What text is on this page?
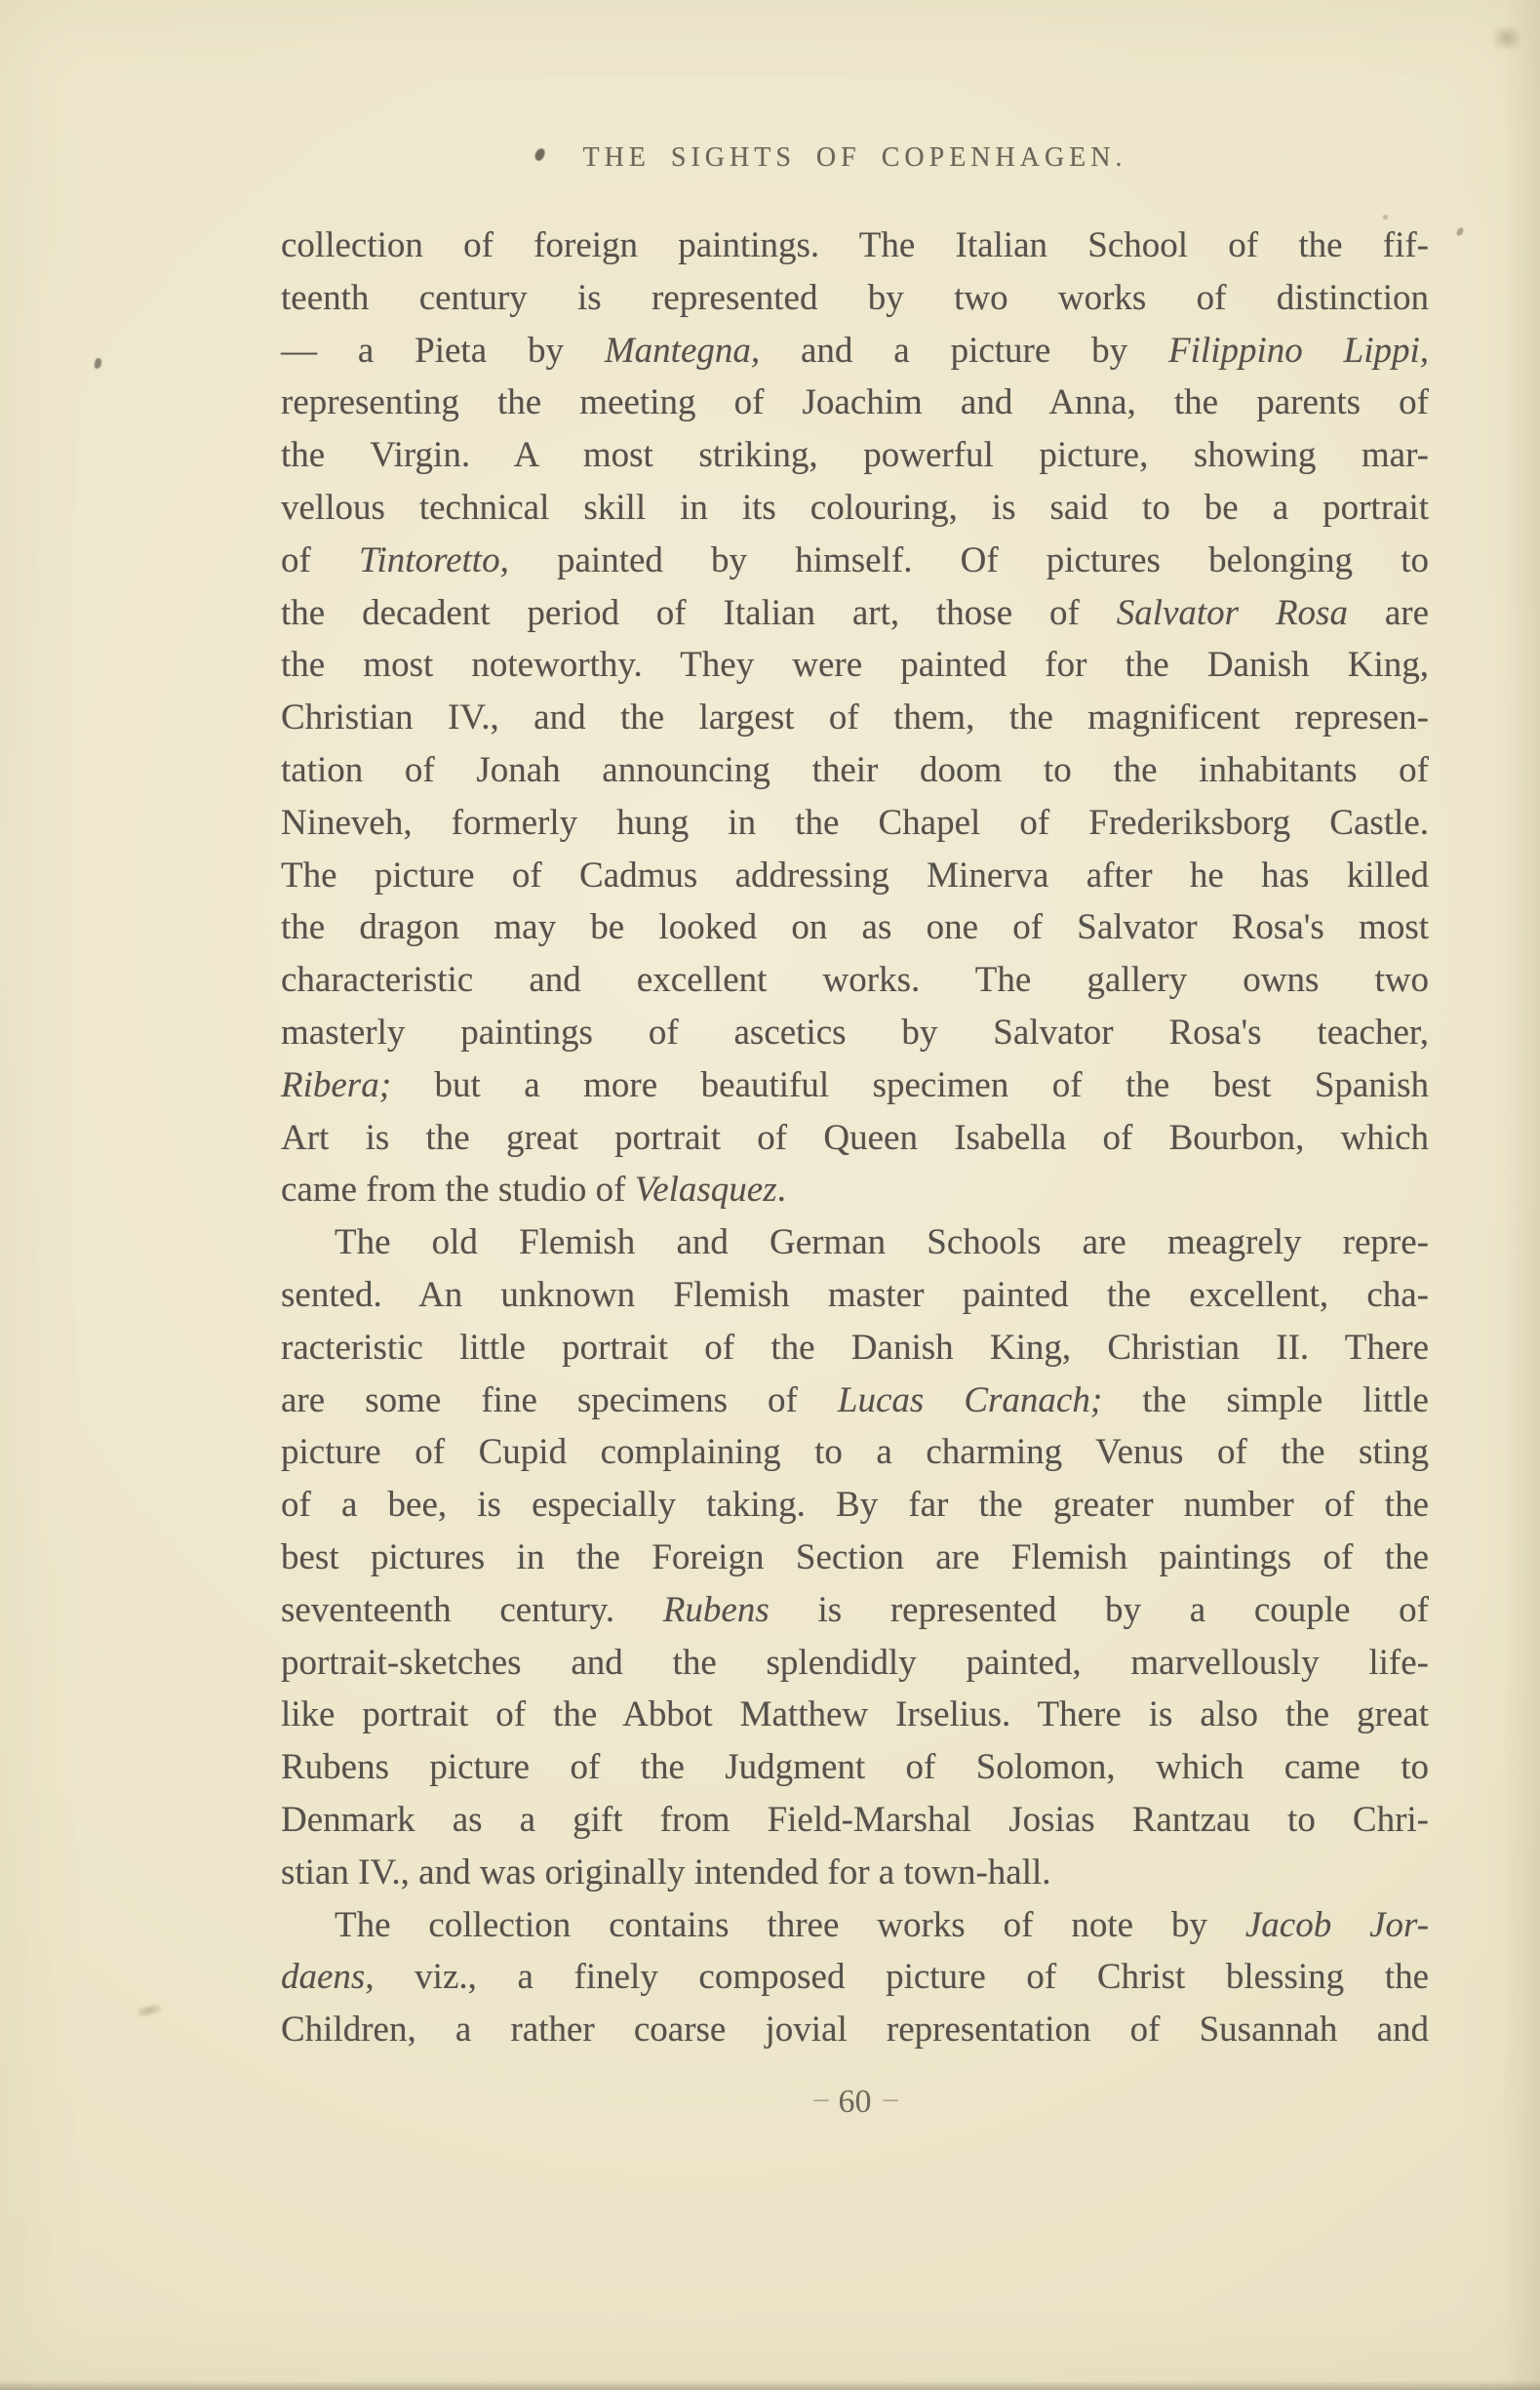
THE SIGHTS OF COPENHAGEN.
collection of foreign paintings. The Italian School of the fif-
teenth century is represented by two works of distinction
— a Pieta by Mantegna, and a picture by Filippino Lippi,
representing the meeting of Joachim and Anna, the parents of
the Virgin. A most striking, powerful picture, showing mar-
vellous technical skill in its colouring, is said to be a portrait
of Tintoretto, painted by himself. Of pictures belonging to
the decadent period of Italian art, those of Salvator Rosa are
the most noteworthy. They were painted for the Danish King,
Christian IV., and the largest of them, the magnificent represen-
tation of Jonah announcing their doom to the inhabitants of
Nineveh, formerly hung in the Chapel of Frederiksborg Castle.
The picture of Cadmus addressing Minerva after he has killed
the dragon may be looked on as one of Salvator Rosa's most
characteristic and excellent works. The gallery owns two
masterly paintings of ascetics by Salvator Rosa's teacher,
Ribera; but a more beautiful specimen of the best Spanish
Art is the great portrait of Queen Isabella of Bourbon, which
came from the studio of Velasquez.
The old Flemish and German Schools are meagrely repre-
sented. An unknown Flemish master painted the excellent, cha-
racteristic little portrait of the Danish King, Christian II. There
are some fine specimens of Lucas Cranach; the simple little
picture of Cupid complaining to a charming Venus of the sting
of a bee, is especially taking. By far the greater number of the
best pictures in the Foreign Section are Flemish paintings of the
seventeenth century. Rubens is represented by a couple of
portrait-sketches and the splendidly painted, marvellously life-
like portrait of the Abbot Matthew Irselius. There is also the great
Rubens picture of the Judgment of Solomon, which came to
Denmark as a gift from Field-Marshal Josias Rantzau to Chri-
stian IV., and was originally intended for a town-hall.
The collection contains three works of note by Jacob Jor-
daens, viz., a finely composed picture of Christ blessing the
Children, a rather coarse jovial representation of Susannah and
– 60 –
